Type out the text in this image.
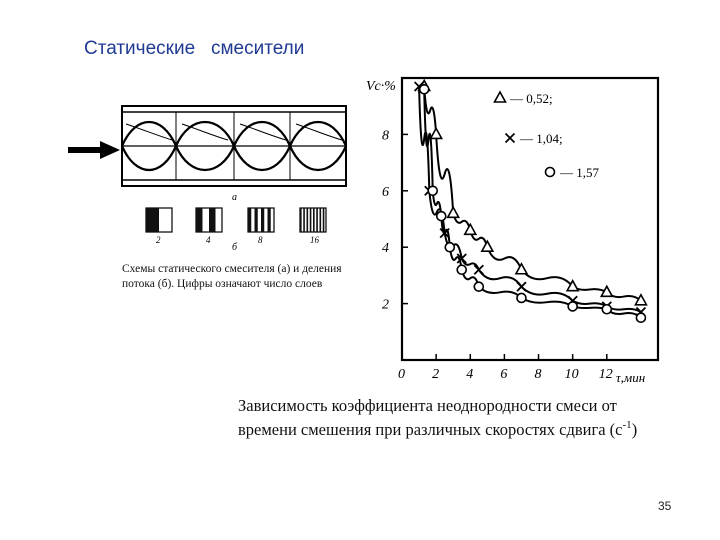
Статические   смесители
а
2	4	8	16
б
Схемы статического смесителя (а) и деления
потока (б). Цифры означают число слоев
0 2 4 6 8 10 12
2
4
6
8
Vc·%
τ,мин
— 0,52;
— 1,04;
— 1,57
Зависимость коэффициента неоднородности смеси от
времени смешения при различных скоростях сдвига $(с^{-1})$
35
